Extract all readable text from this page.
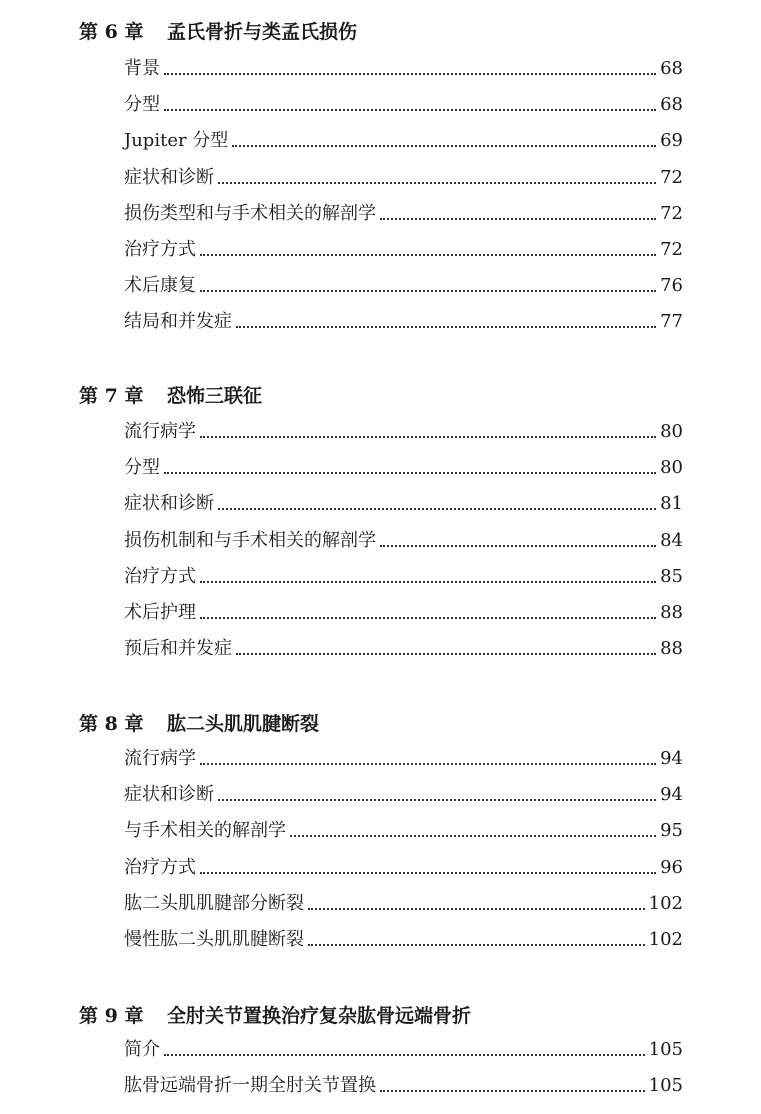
第 6 章 孟氏骨折与类孟氏损伤
背景	68
分型	68
Jupiter 分型	69
症状和诊断	72
损伤类型和与手术相关的解剖学	72
治疗方式	72
术后康复	76
结局和并发症	77
第 7 章 恐怖三联征
流行病学	80
分型	80
症状和诊断	81
损伤机制和与手术相关的解剖学	84
治疗方式	85
术后护理	88
预后和并发症	88
第 8 章 肱二头肌肌腱断裂
流行病学	94
症状和诊断	94
与手术相关的解剖学	95
治疗方式	96
肱二头肌肌腱部分断裂	102
慢性肱二头肌肌腱断裂	102
第 9 章 全肘关节置换治疗复杂肱骨远端骨折
简介	105
肱骨远端骨折一期全肘关节置换	105
